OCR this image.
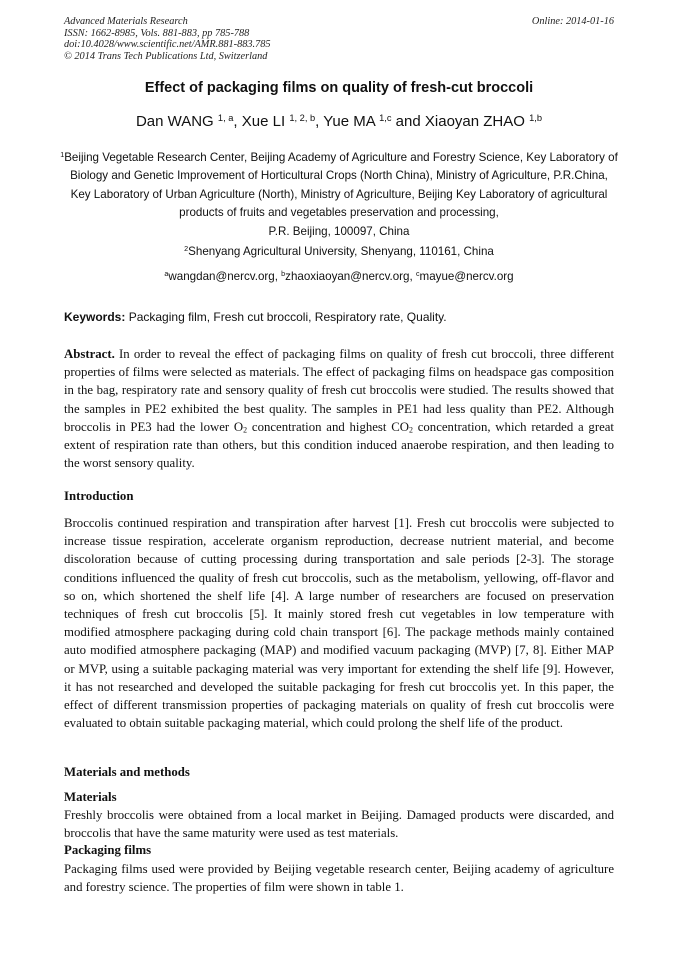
Advanced Materials Research
ISSN: 1662-8985, Vols. 881-883, pp 785-788
doi:10.4028/www.scientific.net/AMR.881-883.785
© 2014 Trans Tech Publications Ltd, Switzerland
Online: 2014-01-16
Effect of packaging films on quality of fresh-cut broccoli
Dan WANG $^{1, a}$, Xue LI $^{1, 2, b}$, Yue MA $^{1,c}$ and Xiaoyan ZHAO $^{1,b}$
$^1$Beijing Vegetable Research Center, Beijing Academy of Agriculture and Forestry Science, Key Laboratory of Biology and Genetic Improvement of Horticultural Crops (North China), Ministry of Agriculture, P.R.China, Key Laboratory of Urban Agriculture (North), Ministry of Agriculture, Beijing Key Laboratory of agricultural products of fruits and vegetables preservation and processing,
P.R. Beijing, 100097, China
$^2$Shenyang Agricultural University, Shenyang, 110161, China
$^a$wangdan@nercv.org, $^b$zhaoxiaoyan@nercv.org, $^c$mayue@nercv.org
Keywords: Packaging film, Fresh cut broccoli, Respiratory rate, Quality.
Abstract. In order to reveal the effect of packaging films on quality of fresh cut broccoli, three different properties of films were selected as materials. The effect of packaging films on headspace gas composition in the bag, respiratory rate and sensory quality of fresh cut broccolis were studied. The results showed that the samples in PE2 exhibited the best quality. The samples in PE1 had less quality than PE2. Although broccolis in PE3 had the lower $O_2$ concentration and highest $CO_2$ concentration, which retarded a great extent of respiration rate than others, but this condition induced anaerobe respiration, and then leading to the worst sensory quality.
Introduction
Broccolis continued respiration and transpiration after harvest [1]. Fresh cut broccolis were subjected to increase tissue respiration, accelerate organism reproduction, decrease nutrient material, and become discoloration because of cutting processing during transportation and sale periods [2-3]. The storage conditions influenced the quality of fresh cut broccolis, such as the metabolism, yellowing, off-flavor and so on, which shortened the shelf life [4]. A large number of researchers are focused on preservation techniques of fresh cut broccolis [5]. It mainly stored fresh cut vegetables in low temperature with modified atmosphere packaging during cold chain transport [6]. The package methods mainly contained auto modified atmosphere packaging (MAP) and modified vacuum packaging (MVP) [7, 8]. Either MAP or MVP, using a suitable packaging material was very important for extending the shelf life [9]. However, it has not researched and developed the suitable packaging for fresh cut broccolis yet. In this paper, the effect of different transmission properties of packaging materials on quality of fresh cut broccolis were evaluated to obtain suitable packaging material, which could prolong the shelf life of the product.
Materials and methods
Materials
Freshly broccolis were obtained from a local market in Beijing. Damaged products were discarded, and broccolis that have the same maturity were used as test materials.
Packaging films
Packaging films used were provided by Beijing vegetable research center, Beijing academy of agriculture and forestry science. The properties of film were shown in table 1.
